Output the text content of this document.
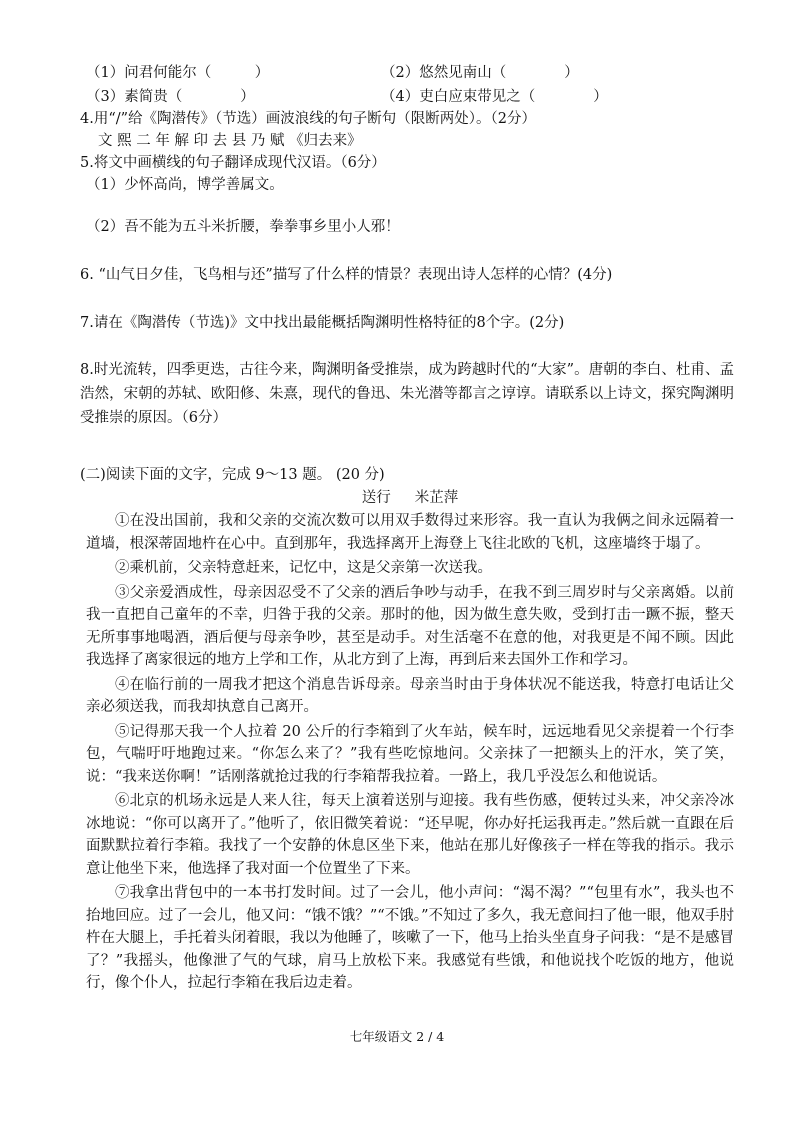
（1）问君何能尔（　　　）	（2）悠然见南山（　　　　）
（3）素简贵（　　　　）	（4）吏白应束带见之（　　　　）
4.用“/”给《陶潜传》（节选）画波浪线的句子断句（限断两处）。（2分）
文 熙 二 年 解 印 去 县 乃 赋 《归去来》
5.将文中画横线的句子翻译成现代汉语。（6分）
（1）少怀高尚，博学善属文。
（2）吾不能为五斗米折腰，拳拳事乡里小人邪！
6. “山气日夕佳，飞鸟相与还”描写了什么样的情景？表现出诗人怎样的心情？(4分)
7.请在《陶潜传（节选)》文中找出最能概括陶渊明性格特征的8个字。(2分)
8.时光流转，四季更迭，古往今来，陶渊明备受推崇，成为跨越时代的“大家”。唐朝的李白、杜甫、孟浩然，宋朝的苏轼、欧阳修、朱熹，现代的鲁迅、朱光潜等都言之谆谆。请联系以上诗文，探究陶渊明受推崇的原因。（6分）
(二)阅读下面的文字，完成 9～13 题。 (20 分)
送行 米芷萍
①在没出国前，我和父亲的交流次数可以用双手数得过来形容。我一直认为我俩之间永远隔着一道墙，根深蒂固地杵在心中。直到那年，我选择离开上海登上飞往北欧的飞机，这座墙终于塌了。
②乘机前，父亲特意赶来，记忆中，这是父亲第一次送我。
③父亲爱酒成性，母亲因忍受不了父亲的酒后争吵与动手，在我不到三周岁时与父亲离婚。以前我一直把自己童年的不幸，归咎于我的父亲。那时的他，因为做生意失败，受到打击一蹶不振，整天无所事事地喝酒，酒后便与母亲争吵，甚至是动手。对生活毫不在意的他，对我更是不闻不顾。因此我选择了离家很远的地方上学和工作，从北方到了上海，再到后来去国外工作和学习。
④在临行前的一周我才把这个消息告诉母亲。母亲当时由于身体状况不能送我，特意打电话让父亲必须送我，而我却执意自己离开。
⑤记得那天我一个人拉着 20 公斤的行李箱到了火车站，候车时，远远地看见父亲提着一个行李包，气喘吁吁地跑过来。“你怎么来了？”我有些吃惊地问。父亲抹了一把额头上的汗水，笑了笑，说：“我来送你啊！”话刚落就抢过我的行李箱帮我拉着。一路上，我几乎没怎么和他说话。
⑥北京的机场永远是人来人往，每天上演着送别与迎接。我有些伤感，便转过头来，冲父亲冷冰冰地说：“你可以离开了。”他听了，依旧微笑着说：“还早呢，你办好托运我再走。”然后就一直跟在后面默默拉着行李箱。我找了一个安静的休息区坐下来，他站在那儿好像孩子一样在等我的指示。我示意让他坐下来，他选择了我对面一个位置坐了下来。
⑦我拿出背包中的一本书打发时间。过了一会儿，他小声问：“渴不渴？”“包里有水”，我头也不抬地回应。过了一会儿，他又问：“饿不饿？”“不饿。”不知过了多久，我无意间扫了他一眼，他双手肘杵在大腿上，手托着头闭着眼，我以为他睡了，咳嗽了一下，他马上抬头坐直身子问我：“是不是感冒了？”我摇头，他像泄了气的气球，肩马上放松下来。我感觉有些饿，和他说找个吃饭的地方，他说行，像个仆人，拉起行李箱在我后边走着。
七年级语文 2 / 4
